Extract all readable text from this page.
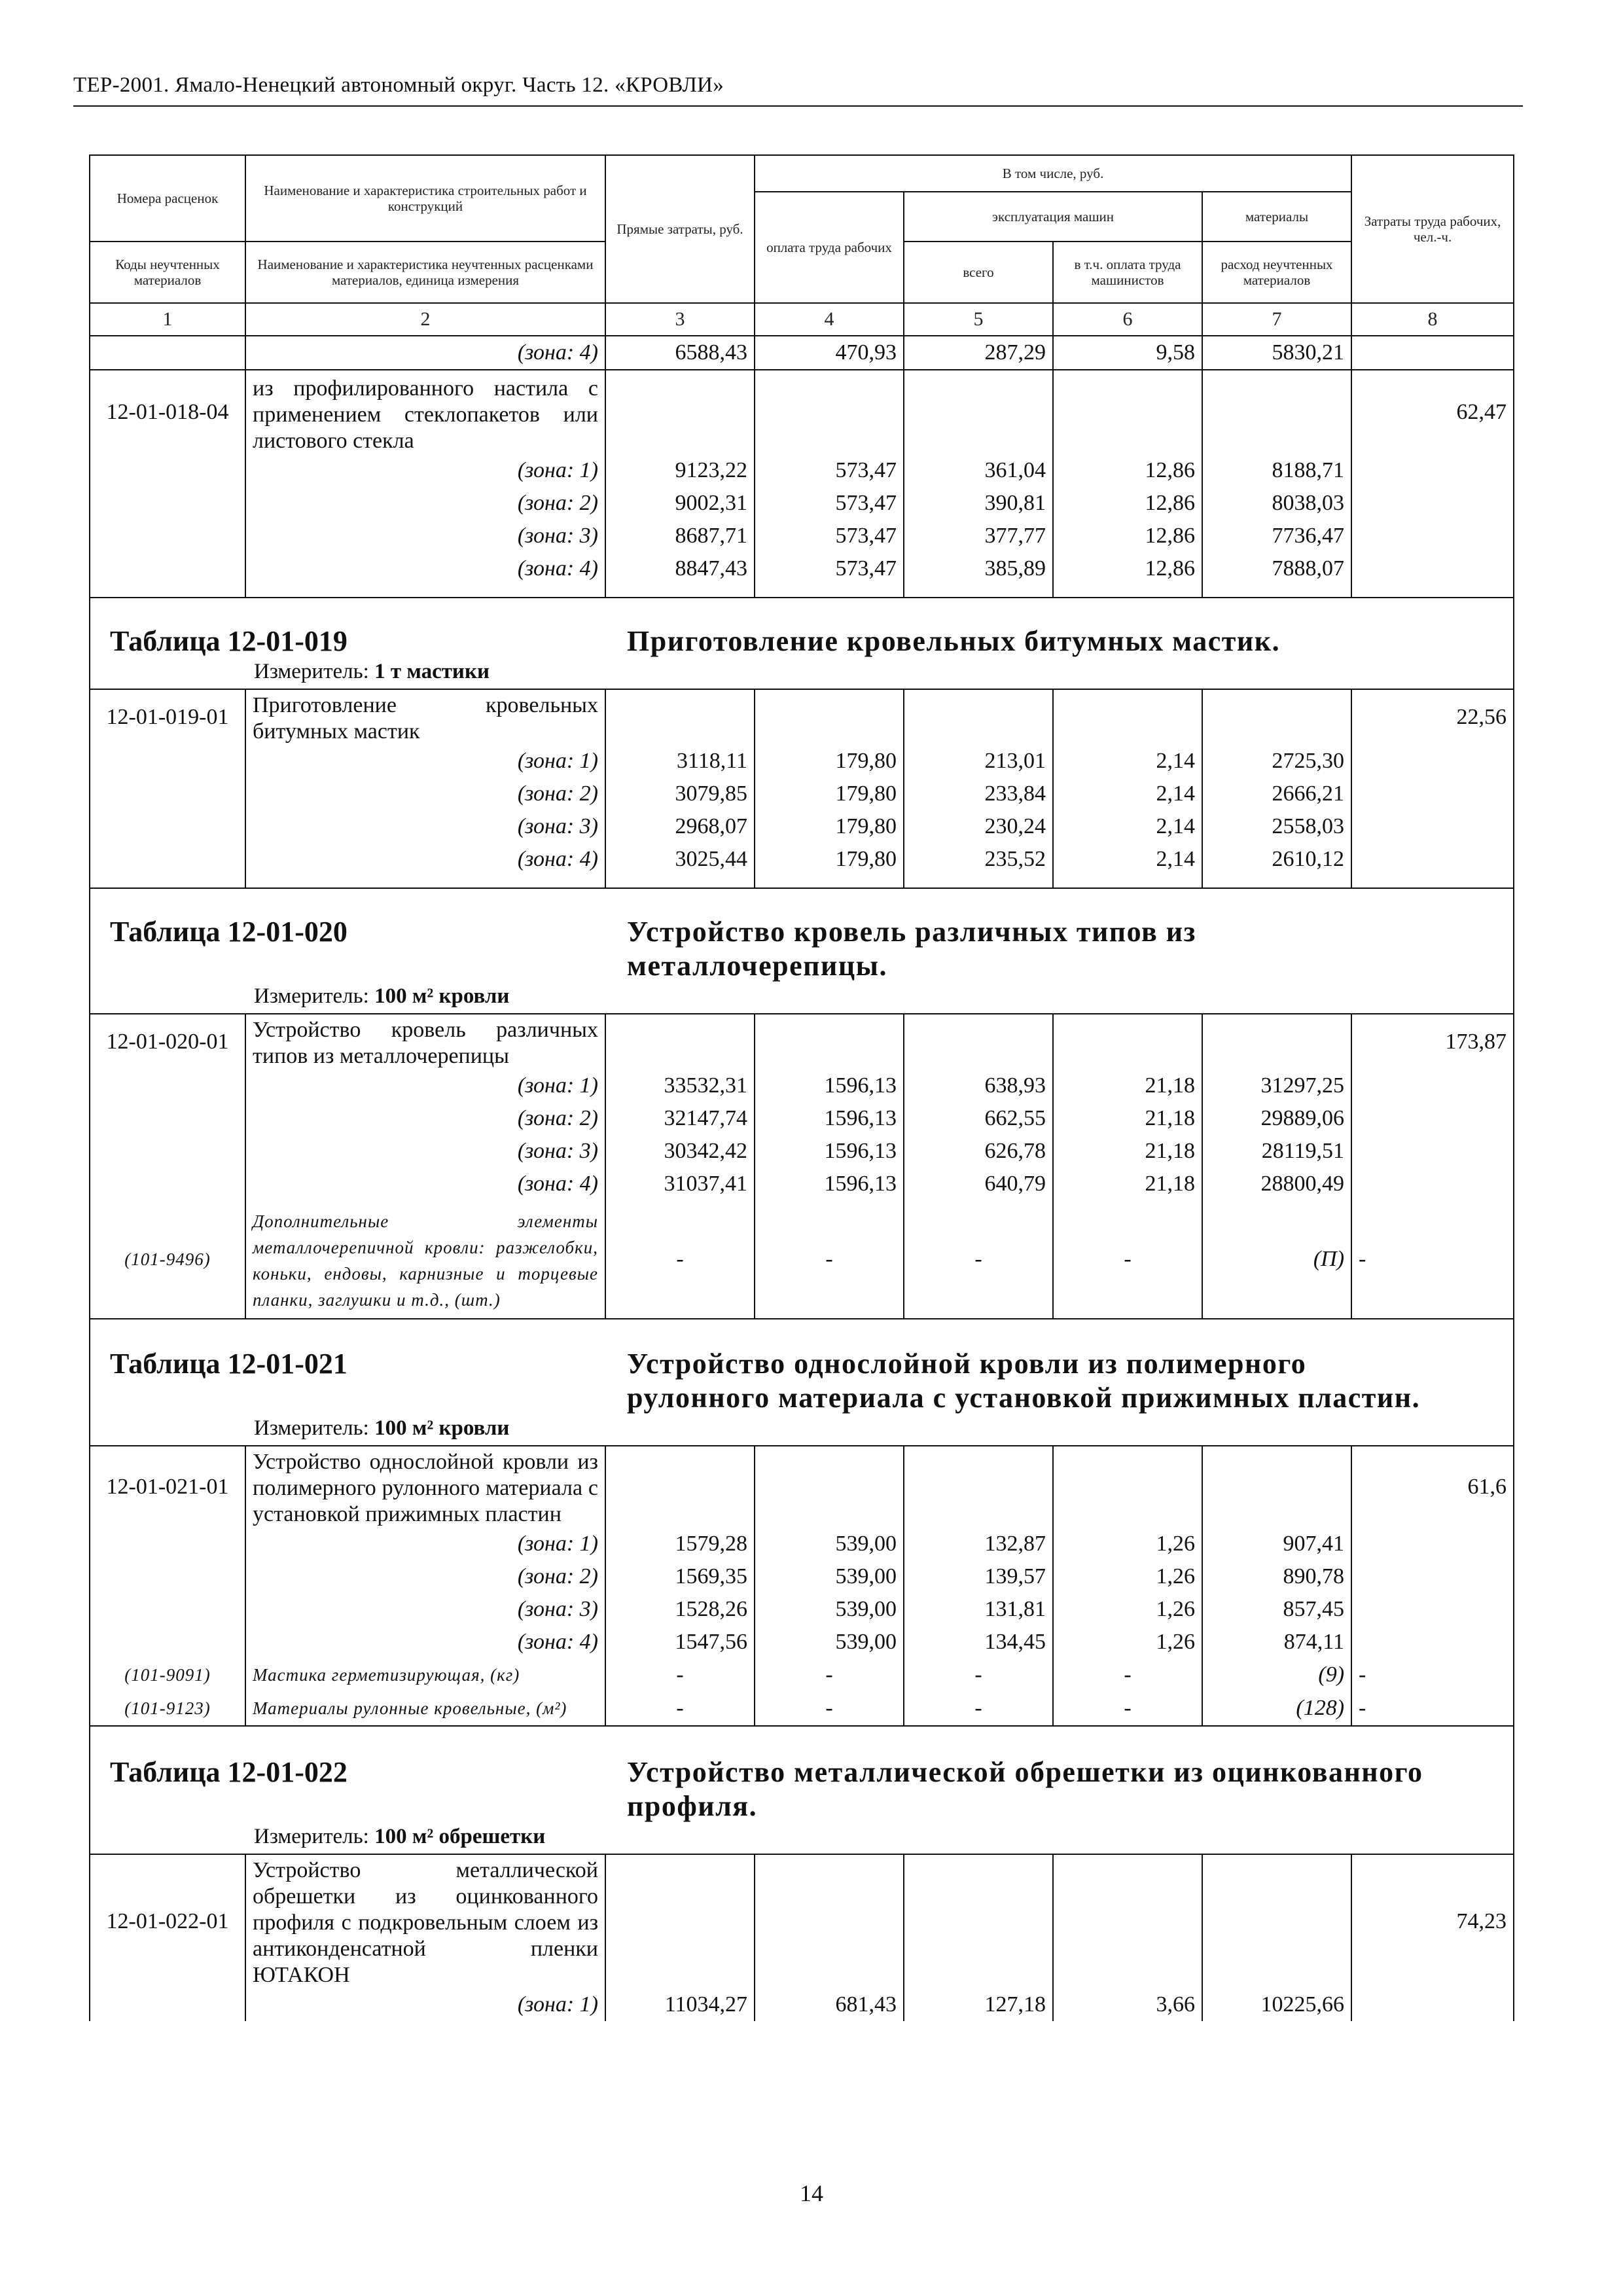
ТЕР-2001. Ямало-Ненецкий автономный округ. Часть 12. «КРОВЛИ»
Номера расценок	Наименование и характеристика строительных работ и конструкций	Прямые затраты, руб.	В том числе, руб.				Затраты труда рабочих, чел.-ч.
			оплата труда рабочих	эксплуатация машин		материалы	
Коды неучтенных материалов	Наименование и характеристика неучтенных расценками материалов, единица измерения			всего	в т.ч. оплата труда машинистов	расход неучтенных материалов	

1	2	3	4	5	6	7	8
	(зона: 4)	6588,43	470,93	287,29	9,58	5830,21	
12-01-018-04	из профилированного настила с применением стеклопакетов или листового стекла						62,47
	(зона: 1)	9123,22	573,47	361,04	12,86	8188,71	
	(зона: 2)	9002,31	573,47	390,81	12,86	8038,03	
	(зона: 3)	8687,71	573,47	377,77	12,86	7736,47	
	(зона: 4)	8847,43	573,47	385,89	12,86	7888,07	

Таблица 12-01-019 Приготовление кровельных битумных мастик.
Измеритель: 1 т мастики							

12-01-019-01	Приготовление кровельных битумных мастик						22,56
	(зона: 1)	3118,11	179,80	213,01	2,14	2725,30	
	(зона: 2)	3079,85	179,80	233,84	2,14	2666,21	
	(зона: 3)	2968,07	179,80	230,24	2,14	2558,03	
	(зона: 4)	3025,44	179,80	235,52	2,14	2610,12	

Таблица 12-01-020 Устройство кровель различных типов из металлочерепицы.
Измеритель: 100 м² кровли							

12-01-020-01	Устройство кровель различных типов из металлочерепицы						173,87
	(зона: 1)	33532,31	1596,13	638,93	21,18	31297,25	
	(зона: 2)	32147,74	1596,13	662,55	21,18	29889,06	
	(зона: 3)	30342,42	1596,13	626,78	21,18	28119,51	
	(зона: 4)	31037,41	1596,13	640,79	21,18	28800,49	
(101-9496)	Дополнительные элементы металлочерепичной кровли: разжелобки, коньки, ендовы, карнизные и торцевые планки, заглушки и т.д., (шт.)	-	-	-	-	(П)	-

Таблица 12-01-021 Устройство однослойной кровли из полимерного рулонного материала с установкой прижимных пластин.
Измеритель: 100 м² кровли							

12-01-021-01	Устройство однослойной кровли из полимерного рулонного материала с установкой прижимных пластин						61,6
	(зона: 1)	1579,28	539,00	132,87	1,26	907,41	
	(зона: 2)	1569,35	539,00	139,57	1,26	890,78	
	(зона: 3)	1528,26	539,00	131,81	1,26	857,45	
	(зона: 4)	1547,56	539,00	134,45	1,26	874,11	
(101-9091)	Мастика герметизирующая, (кг)	-	-	-	-	(9)	-
(101-9123)	Материалы рулонные кровельные, (м²)	-	-	-	-	(128)	-

Таблица 12-01-022 Устройство металлической обрешетки из оцинкованного профиля.
Измеритель: 100 м² обрешетки							

12-01-022-01	Устройство металлической обрешетки из оцинкованного профиля с подкровельным слоем из антиконденсатной пленки ЮТАКОН						74,23
	(зона: 1)	11034,27	681,43	127,18	3,66	10225,66	
14
